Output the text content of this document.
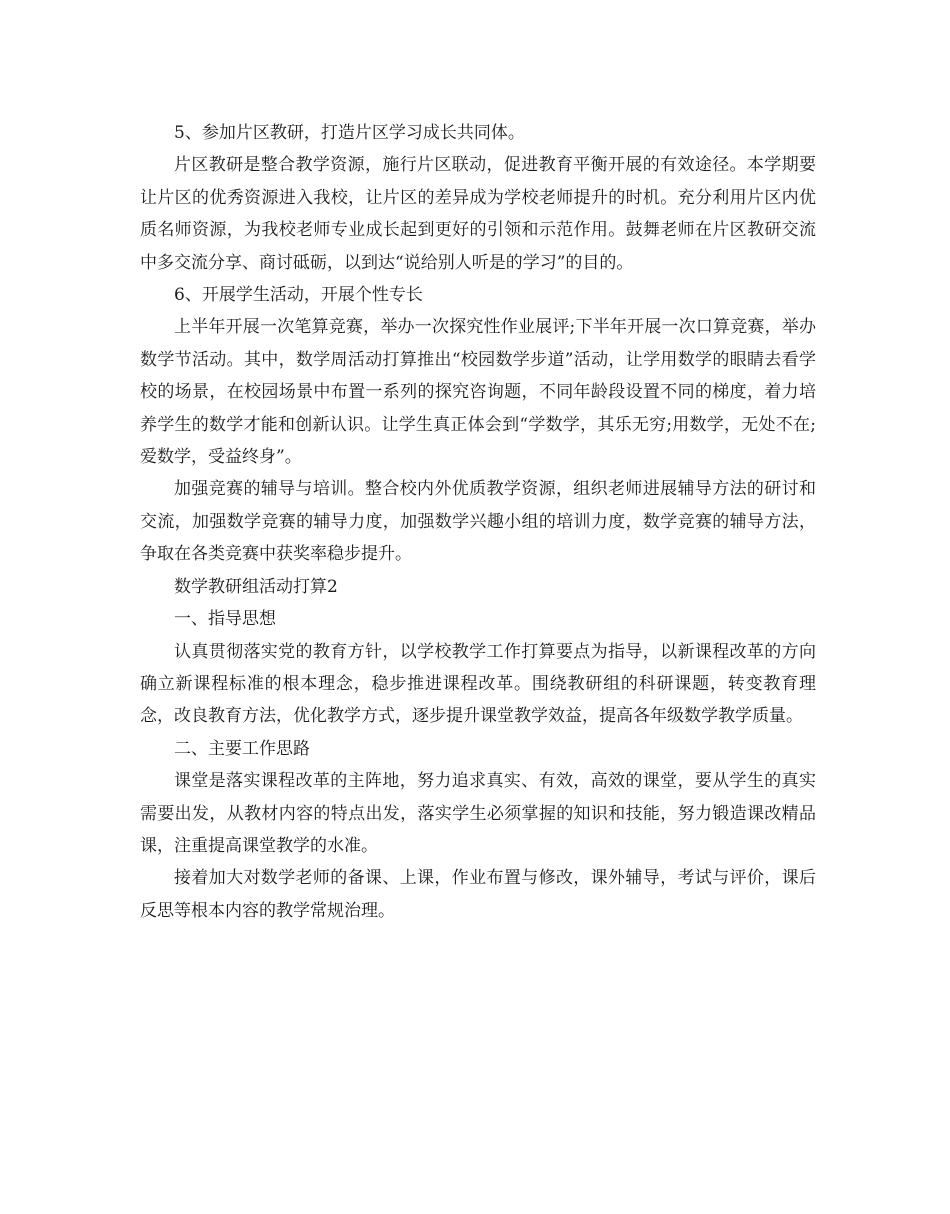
5、参加片区教研，打造片区学习成长共同体。

片区教研是整合教学资源，施行片区联动，促进教育平衡开展的有效途径。本学期要让片区的优秀资源进入我校，让片区的差异成为学校老师提升的时机。充分利用片区内优质名师资源，为我校老师专业成长起到更好的引领和示范作用。鼓舞老师在片区教研交流中多交流分享、商讨砥砺，以到达“说给别人听是的学习”的目的。

6、开展学生活动，开展个性专长

上半年开展一次笔算竞赛，举办一次探究性作业展评;下半年开展一次口算竞赛，举办数学节活动。其中，数学周活动打算推出“校园数学步道”活动，让学用数学的眼睛去看学校的场景，在校园场景中布置一系列的探究咨询题，不同年龄段设置不同的梯度，着力培养学生的数学才能和创新认识。让学生真正体会到“学数学，其乐无穷;用数学，无处不在;爱数学，受益终身”。

加强竞赛的辅导与培训。整合校内外优质教学资源，组织老师进展辅导方法的研讨和交流，加强数学竞赛的辅导力度，加强数学兴趣小组的培训力度，数学竞赛的辅导方法，争取在各类竞赛中获奖率稳步提升。

数学教研组活动打算2

一、指导思想

认真贯彻落实党的教育方针，以学校教学工作打算要点为指导，以新课程改革的方向确立新课程标准的根本理念，稳步推进课程改革。围绕教研组的科研课题，转变教育理念，改良教育方法，优化教学方式，逐步提升课堂教学效益，提高各年级数学教学质量。

二、主要工作思路

课堂是落实课程改革的主阵地，努力追求真实、有效，高效的课堂，要从学生的真实需要出发，从教材内容的特点出发，落实学生必须掌握的知识和技能，努力锻造课改精品课，注重提高课堂教学的水准。

接着加大对数学老师的备课、上课，作业布置与修改，课外辅导，考试与评价，课后反思等根本内容的教学常规治理。
